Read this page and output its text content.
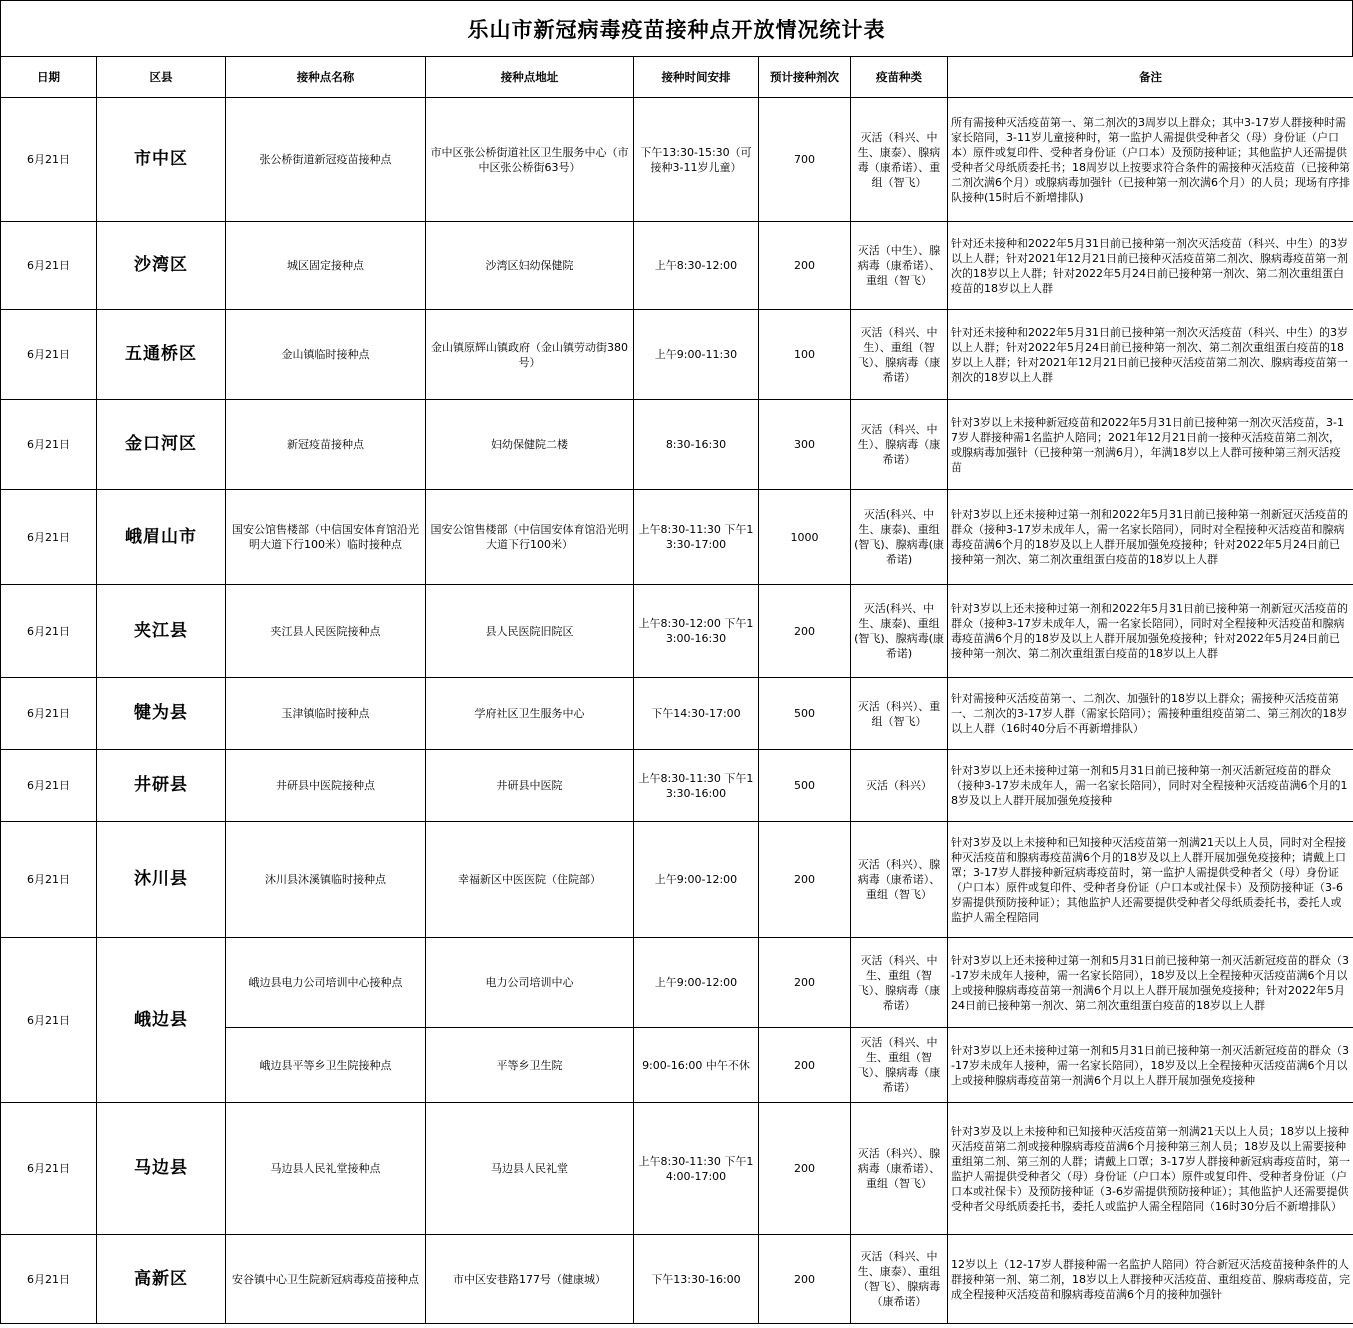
乐山市新冠病毒疫苗接种点开放情况统计表
日期	区县	接种点名称	接种点地址	接种时间安排	预计接种剂次	疫苗种类	备注
6月21日	市中区	张公桥街道新冠疫苗接种点	市中区张公桥街道社区卫生服务中心（市中区张公桥街63号）	下午13:30-15:30（可接种3-11岁儿童）	700	灭活（科兴、中生、康泰）、腺病毒（康希诺）、重组（智飞）	所有需接种灭活疫苗第一、第二剂次的3周岁以上群众；其中3-17岁人群接种时需家长陪同，3-11岁儿童接种时，第一监护人需提供受种者父（母）身份证（户口本）原件或复印件、受种者身份证（户口本）及预防接种证；其他监护人还需提供受种者父母纸质委托书；18周岁以上按要求符合条件的需接种灭活疫苗（已接种第二剂次满6个月）或腺病毒加强针（已接种第一剂次满6个月）的人员；现场有序排队接种(15时后不新增排队)
6月21日	沙湾区	城区固定接种点	沙湾区妇幼保健院	上午8:30-12:00	200	灭活（中生）、腺病毒（康希诺）、重组（智飞）	针对还未接种和2022年5月31日前已接种第一剂次灭活疫苗（科兴、中生）的3岁以上人群；针对2021年12月21日前已接种灭活疫苗第二剂次、腺病毒疫苗第一剂次的18岁以上人群；针对2022年5月24日前已接种第一剂次、第二剂次重组蛋白疫苗的18岁以上人群
6月21日	五通桥区	金山镇临时接种点	金山镇原辉山镇政府（金山镇劳动街380号）	上午9:00-11:30	100	灭活（科兴、中生）、重组（智飞）、腺病毒（康希诺）	针对还未接种和2022年5月31日前已接种第一剂次灭活疫苗（科兴、中生）的3岁以上人群；针对2022年5月24日前已接种第一剂次、第二剂次重组蛋白疫苗的18岁以上人群；针对2021年12月21日前已接种灭活疫苗第二剂次、腺病毒疫苗第一剂次的18岁以上人群
6月21日	金口河区	新冠疫苗接种点	妇幼保健院二楼	8:30-16:30	300	灭活（科兴、中生）、腺病毒（康希诺）	针对3岁以上未接种新冠疫苗和2022年5月31日前已接种第一剂次灭活疫苗，3-17岁人群接种需1名监护人陪同；2021年12月21日前一接种灭活疫苗第二剂次，或腺病毒加强针（已接种第一剂满6月），年满18岁以上人群可接种第三剂灭活疫苗
6月21日	峨眉山市	国安公馆售楼部（中信国安体育馆沿光明大道下行100米）临时接种点	国安公馆售楼部（中信国安体育馆沿光明大道下行100米）	上午8:30-11:30 下午13:30-17:00	1000	灭活(科兴、中生、康泰)、重组(智飞)、腺病毒(康希诺)	针对3岁以上还未接种过第一剂和2022年5月31日前已接种第一剂新冠灭活疫苗的群众（接种3-17岁未成年人，需一名家长陪同），同时对全程接种灭活疫苗和腺病毒疫苗满6个月的18岁及以上人群开展加强免疫接种；针对2022年5月24日前已接种第一剂次、第二剂次重组蛋白疫苗的18岁以上人群
6月21日	夹江县	夹江县人民医院接种点	县人民医院旧院区	上午8:30-12:00 下午13:00-16:30	200	灭活(科兴、中生、康泰)、重组(智飞)、腺病毒(康希诺)	针对3岁以上还未接种过第一剂和2022年5月31日前已接种第一剂新冠灭活疫苗的群众（接种3-17岁未成年人，需一名家长陪同），同时对全程接种灭活疫苗和腺病毒疫苗满6个月的18岁及以上人群开展加强免疫接种；针对2022年5月24日前已接种第一剂次、第二剂次重组蛋白疫苗的18岁以上人群
6月21日	犍为县	玉津镇临时接种点	学府社区卫生服务中心	下午14:30-17:00	500	灭活（科兴）、重组（智飞）	针对需接种灭活疫苗第一、二剂次、加强针的18岁以上群众；需接种灭活疫苗第一、二剂次的3-17岁人群（需家长陪同）；需接种重组疫苗第二、第三剂次的18岁以上人群（16时40分后不再新增排队）
6月21日	井研县	井研县中医院接种点	井研县中医院	上午8:30-11:30 下午13:30-16:00	500	灭活（科兴）	针对3岁以上还未接种过第一剂和5月31日前已接种第一剂灭活新冠疫苗的群众（接种3-17岁未成年人，需一名家长陪同），同时对全程接种灭活疫苗满6个月的18岁及以上人群开展加强免疫接种
6月21日	沐川县	沐川县沐溪镇临时接种点	幸福新区中医医院（住院部）	上午9:00-12:00	200	灭活（科兴）、腺病毒（康希诺）、重组（智飞）	针对3岁及以上未接种和已知接种灭活疫苗第一剂满21天以上人员，同时对全程接种灭活疫苗和腺病毒疫苗满6个月的18岁及以上人群开展加强免疫接种；请戴上口罩；3-17岁人群接种新冠病毒疫苗时，第一监护人需提供受种者父（母）身份证（户口本）原件或复印件、受种者身份证（户口本或社保卡）及预防接种证（3-6岁需提供预防接种证）；其他监护人还需要提供受种者父母纸质委托书，委托人或监护人需全程陪同
6月21日	峨边县	峨边县电力公司培训中心接种点	电力公司培训中心	上午9:00-12:00	200	灭活（科兴、中生、重组（智飞）、腺病毒（康希诺）	针对3岁以上还未接种过第一剂和5月31日前已接种第一剂灭活新冠疫苗的群众（3-17岁未成年人接种，需一名家长陪同），18岁及以上全程接种灭活疫苗满6个月以上或接种腺病毒疫苗第一剂满6个月以上人群开展加强免疫接种；针对2022年5月24日前已接种第一剂次、第二剂次重组蛋白疫苗的18岁以上人群
		峨边县平等乡卫生院接种点	平等乡卫生院	9:00-16:00 中午不休	200	灭活（科兴、中生、重组（智飞）、腺病毒（康希诺）	针对3岁以上还未接种过第一剂和5月31日前已接种第一剂灭活新冠疫苗的群众（3-17岁未成年人接种，需一名家长陪同），18岁及以上全程接种灭活疫苗满6个月以上或接种腺病毒疫苗第一剂满6个月以上人群开展加强免疫接种
6月21日	马边县	马边县人民礼堂接种点	马边县人民礼堂	上午8:30-11:30 下午14:00-17:00	200	灭活（科兴）、腺病毒（康希诺）、重组（智飞）	针对3岁及以上未接种和已知接种灭活疫苗第一剂满21天以上人员；18岁以上接种灭活疫苗第二剂或接种腺病毒疫苗满6个月接种第三剂人员；18岁及以上需要接种重组第二剂、第三剂的人群；请戴上口罩；3-17岁人群接种新冠病毒疫苗时，第一监护人需提供受种者父（母）身份证（户口本）原件或复印件、受种者身份证（户口本或社保卡）及预防接种证（3-6岁需提供预防接种证）；其他监护人还需要提供受种者父母纸质委托书，委托人或监护人需全程陪同（16时30分后不新增排队）
6月21日	高新区	安谷镇中心卫生院新冠病毒疫苗接种点	市中区安巷路177号（健康城）	下午13:30-16:00	200	灭活（科兴、中生、康泰）、重组（智飞）、腺病毒（康希诺）	12岁以上（12-17岁人群接种需一名监护人陪同）符合新冠灭活疫苗接种条件的人群接种第一剂、第二剂，18岁以上人群接种灭活疫苗、重组疫苗、腺病毒疫苗，完成全程接种灭活疫苗和腺病毒疫苗满6个月的接种加强针
